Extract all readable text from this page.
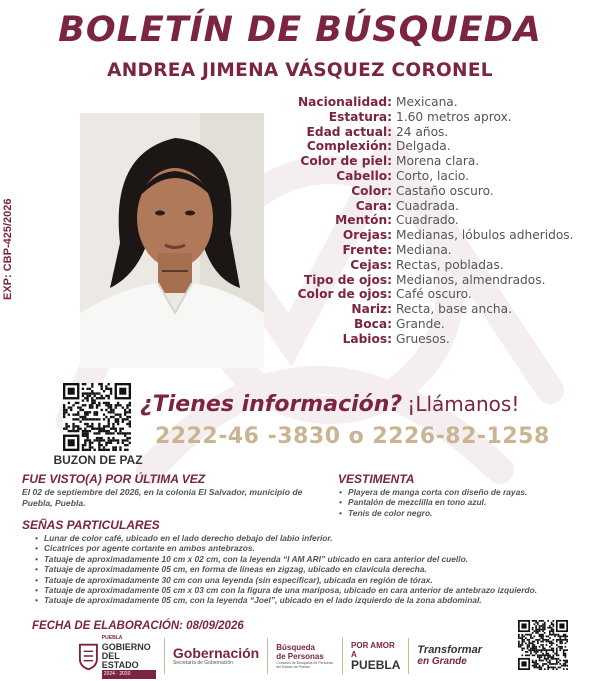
BOLETÍN DE BÚSQUEDA
ANDREA JIMENA VÁSQUEZ CORONEL
EXP: CBP-425/2026
Nacionalidad: Mexicana.
Estatura: 1.60 metros aprox.
Edad actual: 24 años.
Complexión: Delgada.
Color de piel: Morena clara.
Cabello: Corto, lacio.
Color: Castaño oscuro.
Cara: Cuadrada.
Mentón: Cuadrado.
Orejas: Medianas, lóbulos adheridos.
Frente: Mediana.
Cejas: Rectas, pobladas.
Tipo de ojos: Medianos, almendrados.
Color de ojos: Café oscuro.
Nariz: Recta, base ancha.
Boca: Grande.
Labios: Gruesos.
BUZON DE PAZ
¿Tienes información? ¡Llámanos!
2222-46 -3830 o 2226-82-1258
FUE VISTO(A) POR ÚLTIMA VEZ
El 02 de septiembre del 2026, en la colonia El Salvador, municipio de Puebla, Puebla.
VESTIMENTA
• Playera de manga corta con diseño de rayas.
• Pantalón de mezclilla en tono azul.
• Tenis de color negro.
SEÑAS PARTICULARES
• Lunar de color café, ubicado en el lado derecho debajo del labio inferior.
• Cicatrices por agente cortante en ambos antebrazos.
• Tatuaje de aproximadamente 10 cm x 02 cm, con la leyenda “I AM ARI” ubicado en cara anterior del cuello.
• Tatuaje de aproximadamente 05 cm, en forma de líneas en zigzag, ubicado en clavícula derecha.
• Tatuaje de aproximadamente 30 cm con una leyenda (sin especificar), ubicada en región de tórax.
• Tatuaje de aproximadamente 05 cm x 03 cm con la figura de una mariposa, ubicado en cara anterior de antebrazo izquierdo.
• Tatuaje de aproximadamente 05 cm, con la leyenda “Joel”, ubicado en el lado izquierdo de la zona abdominal.
FECHA DE ELABORACIÓN: 08/09/2026
PUEBLA
GOBIERNO
DEL ESTADO
2024 · 2030
Gobernación
Secretaría de Gobernación
Búsqueda
de Personas
Comisión de Búsqueda de Personas del Estado de Puebla
POR AMOR A
PUEBLA
Transformar
en Grande
